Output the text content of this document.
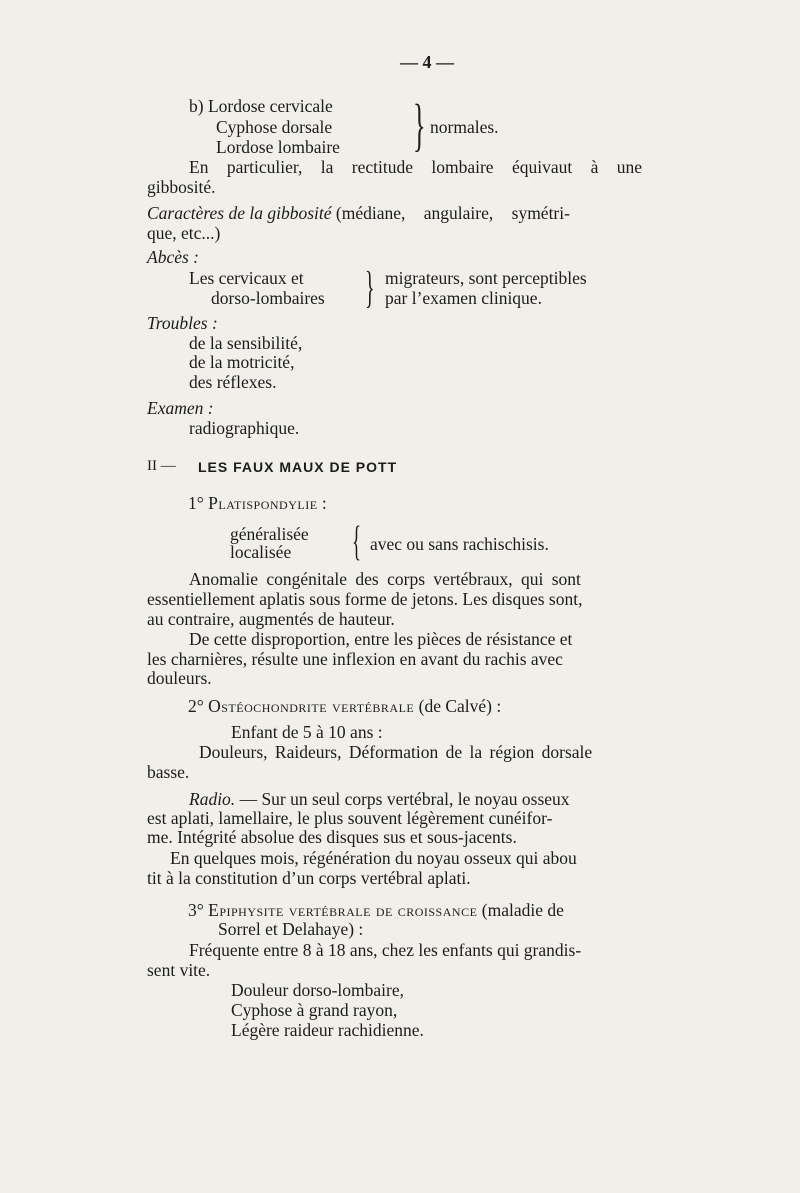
— 4 —
b) Lordose cervicale
Cyphose dorsale
Lordose lombaire } normales.
En particulier, la rectitude lombaire équivaut à une
gibbosité.
Caractères de la gibbosité (médiane, angulaire, symétri-
que, etc...)
Abcès :
Les cervicaux et
dorso-lombaires } migrateurs, sont perceptibles
par l’examen clinique.
Troubles :
de la sensibilité,
de la motricité,
des réflexes.
Examen :
radiographique.
II — LES FAUX MAUX DE POTT
1° Platispondylie :
généralisée
localisée { avec ou sans rachischisis.
Anomalie congénitale des corps vertébraux, qui sont
essentiellement aplatis sous forme de jetons. Les disques sont,
au contraire, augmentés de hauteur.
De cette disproportion, entre les pièces de résistance et
les charnières, résulte une inflexion en avant du rachis avec
douleurs.
2° Ostéochondrite vertébrale (de Calvé) :
Enfant de 5 à 10 ans :
Douleurs, Raideurs, Déformation de la région dorsale
basse.
Radio. — Sur un seul corps vertébral, le noyau osseux
est aplati, lamellaire, le plus souvent légèrement cunéifor-
me. Intégrité absolue des disques sus et sous-jacents.
En quelques mois, régénération du noyau osseux qui abou
tit à la constitution d’un corps vertébral aplati.
3° Epiphysite vertébrale de croissance (maladie de
Sorrel et Delahaye) :
Fréquente entre 8 à 18 ans, chez les enfants qui grandis-
sent vite.
Douleur dorso-lombaire,
Cyphose à grand rayon,
Légère raideur rachidienne.
